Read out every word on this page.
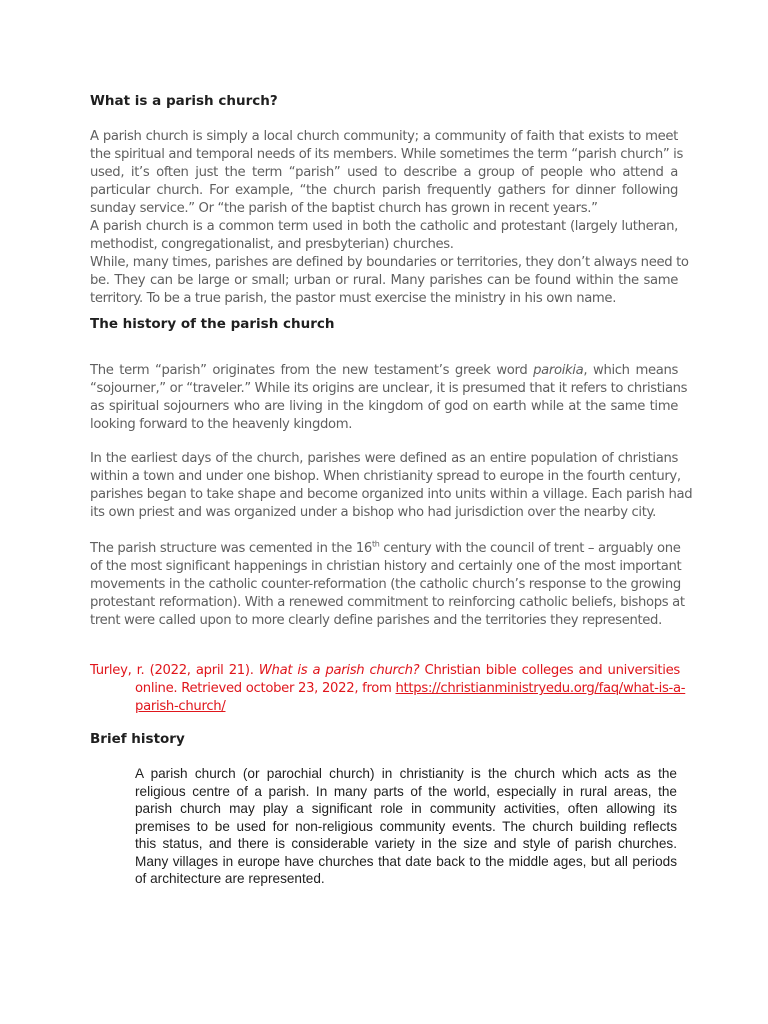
What is a parish church?
A parish church is simply a local church community; a community of faith that exists to meet
the spiritual and temporal needs of its members. While sometimes the term “parish church” is
used, it’s often just the term “parish” used to describe a group of people who attend a
particular church. For example, “the church parish frequently gathers for dinner following
sunday service.” Or “the parish of the baptist church has grown in recent years.”
A parish church is a common term used in both the catholic and protestant (largely lutheran,
methodist, congregationalist, and presbyterian) churches.
While, many times, parishes are defined by boundaries or territories, they don’t always need to
be. They can be large or small; urban or rural. Many parishes can be found within the same
territory. To be a true parish, the pastor must exercise the ministry in his own name.
The history of the parish church
The term “parish” originates from the new testament’s greek word paroikia, which means
“sojourner,” or “traveler.” While its origins are unclear, it is presumed that it refers to christians
as spiritual sojourners who are living in the kingdom of god on earth while at the same time
looking forward to the heavenly kingdom.
In the earliest days of the church, parishes were defined as an entire population of christians
within a town and under one bishop. When christianity spread to europe in the fourth century,
parishes began to take shape and become organized into units within a village. Each parish had
its own priest and was organized under a bishop who had jurisdiction over the nearby city.
The parish structure was cemented in the 16th century with the council of trent – arguably one
of the most significant happenings in christian history and certainly one of the most important
movements in the catholic counter-reformation (the catholic church’s response to the growing
protestant reformation). With a renewed commitment to reinforcing catholic beliefs, bishops at
trent were called upon to more clearly define parishes and the territories they represented.
Turley, r. (2022, april 21). What is a parish church? Christian bible colleges and universities
online. Retrieved october 23, 2022, from https://christianministryedu.org/faq/what-is-a-
parish-church/
Brief history
A parish church (or parochial church) in christianity is the church which acts as the
religious centre of a parish. In many parts of the world, especially in rural areas, the
parish church may play a significant role in community activities, often allowing its
premises to be used for non-religious community events. The church building reflects
this status, and there is considerable variety in the size and style of parish churches.
Many villages in europe have churches that date back to the middle ages, but all periods
of architecture are represented.
